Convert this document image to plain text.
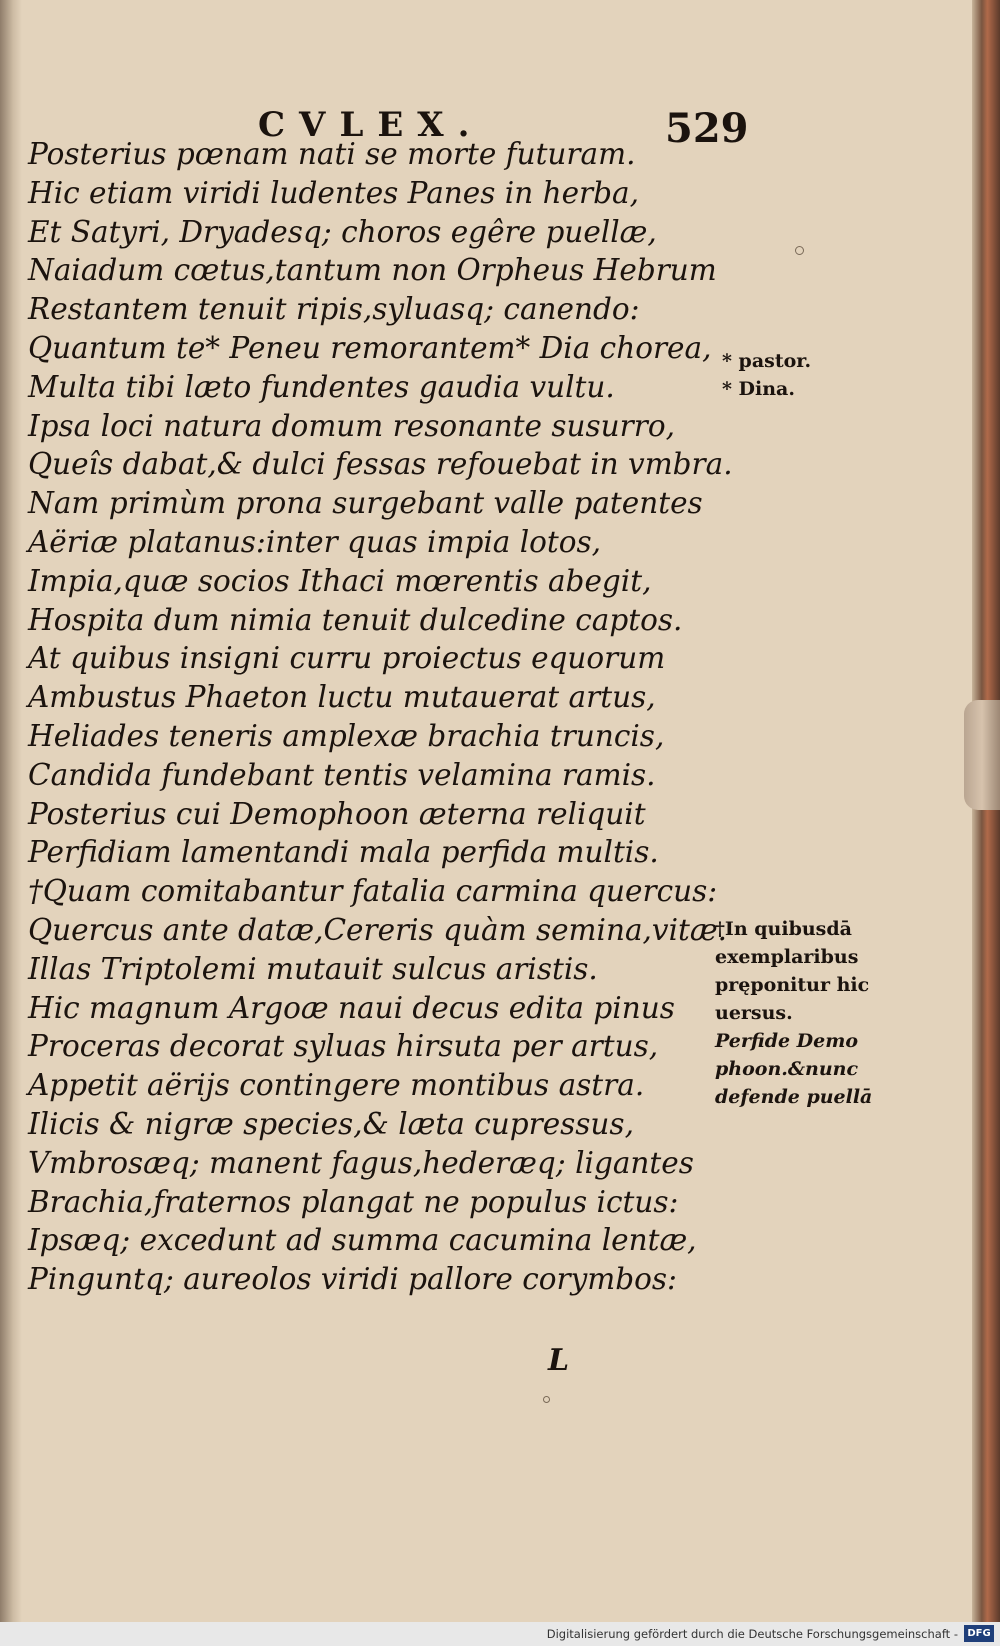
CVLEX.	529
Posterius pœnam nati se morte futuram.
Hic etiam viridi ludentes Panes in herba,
Et Satyri, Dryadesq; choros egêre puellæ,
Naiadum cœtus,tantum non Orpheus Hebrum
Restantem tenuit ripis,syluasq; canendo:
Quantum te* Peneu remorantem* Dia chorea,
Multa tibi læto fundentes gaudia vultu.
Ipsa loci natura domum resonante susurro,
Queîs dabat,& dulci fessas refouebat in vmbra.
Nam primùm prona surgebant valle patentes
Aëriæ platanus:inter quas impia lotos,
Impia,quæ socios Ithaci mœrentis abegit,
Hospita dum nimia tenuit dulcedine captos.
At quibus insigni curru proiectus equorum
Ambustus Phaeton luctu mutauerat artus,
Heliades teneris amplexæ brachia truncis,
Candida fundebant tentis velamina ramis.
Posterius cui Demophoon æterna reliquit
Perfidiam lamentandi mala perfida multis.
†Quam comitabantur fatalia carmina quercus:
Quercus ante datæ,Cereris quàm semina,vitæ.
Illas Triptolemi mutauit sulcus aristis.
Hic magnum Argoæ naui decus edita pinus
Proceras decorat syluas hirsuta per artus,
Appetit aërijs contingere montibus astra.
Ilicis & nigræ species,& læta cupressus,
Vmbrosæq; manent fagus,hederæq; ligantes
Brachia,fraternos plangat ne populus ictus:
Ipsæq; excedunt ad summa cacumina lentæ,
Pinguntq; aureolos viridi pallore corymbos:
* pastor.
* Dina.
†In quibusdā
exemplaribus
pręponitur hic
uersus.
Perfide Demo
phoon.&nunc
defende puellā
L
Digitalisierung gefördert durch die Deutsche Forschungsgemeinschaft - DFG
